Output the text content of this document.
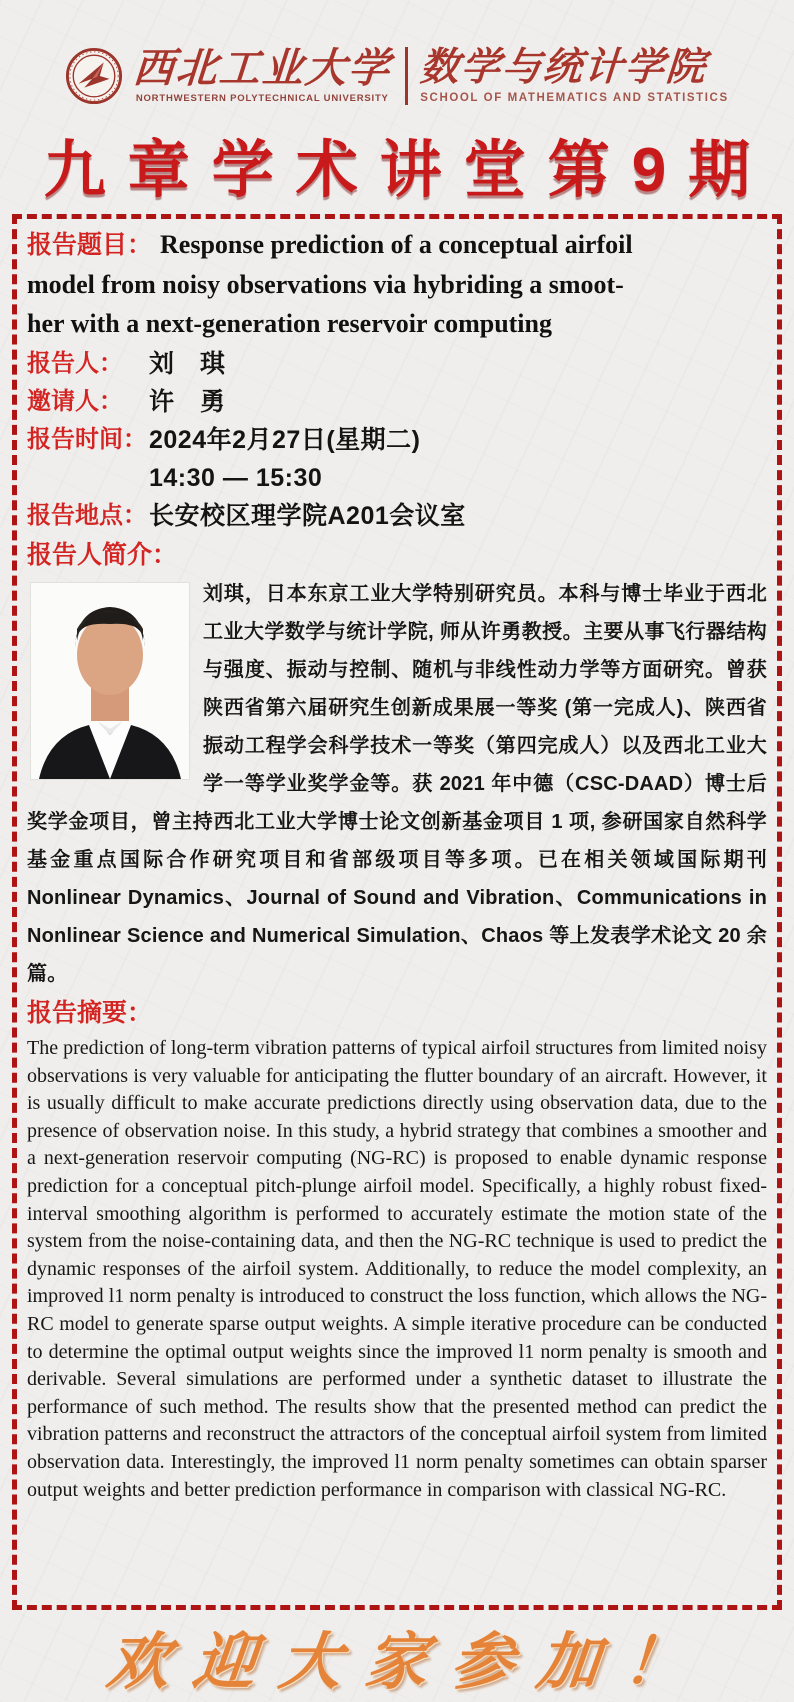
西北工业大学
NORTHWESTERN POLYTECHNICAL UNIVERSITY
数学与统计学院
SCHOOL OF MATHEMATICS AND STATISTICS
九章学术讲堂第9期

报告题目： Response prediction of a conceptual airfoil
model from noisy observations via hybriding a smoot-
her with a next-generation reservoir computing

报告人：	刘　琪
邀请人：	许　勇
报告时间： 2024年2月27日(星期二)
14:30 — 15:30
报告地点： 长安校区理学院A201会议室
报告人简介：
刘琪，日本东京工业大学特别研究员。本科与博士毕业于西北工业大学数学与统计学院, 师从许勇教授。主要从事飞行器结构与强度、振动与控制、随机与非线性动力学等方面研究。曾获陕西省第六届研究生创新成果展一等奖 (第一完成人)、陕西省振动工程学会科学技术一等奖（第四完成人）以及西北工业大学一等学业奖学金等。获 2021 年中德（CSC-DAAD）博士后奖学金项目，曾主持西北工业大学博士论文创新基金项目 1 项, 参研国家自然科学基金重点国际合作研究项目和省部级项目等多项。已在相关领域国际期刊 Nonlinear Dynamics、Journal of Sound and Vibration、Communications in Nonlinear Science and Numerical Simulation、Chaos 等上发表学术论文 20 余篇。
报告摘要：

The prediction of long-term vibration patterns of typical airfoil structures from limited noisy observations is very valuable for anticipating the flutter boundary of an aircraft. However, it is usually difficult to make accurate predictions directly using observation data, due to the presence of observation noise. In this study, a hybrid strategy that combines a smoother and a next-generation reservoir computing (NG-RC) is proposed to enable dynamic response prediction for a conceptual pitch-plunge airfoil model. Specifically, a highly robust fixed-interval smoothing algorithm is performed to accurately estimate the motion state of the system from the noise-containing data, and then the NG-RC technique is used to predict the dynamic responses of the airfoil system. Additionally, to reduce the model complexity, an improved l1 norm penalty is introduced to construct the loss function, which allows the NG-RC model to generate sparse output weights. A simple iterative procedure can be conducted to determine the optimal output weights since the improved l1 norm penalty is smooth and derivable. Several simulations are performed under a synthetic dataset to illustrate the performance of such method. The results show that the presented method can predict the vibration patterns and reconstruct the attractors of the conceptual airfoil system from limited observation data. Interestingly, the improved l1 norm penalty sometimes can obtain sparser output weights and better prediction performance in comparison with classical NG-RC.

欢迎大家参加！
